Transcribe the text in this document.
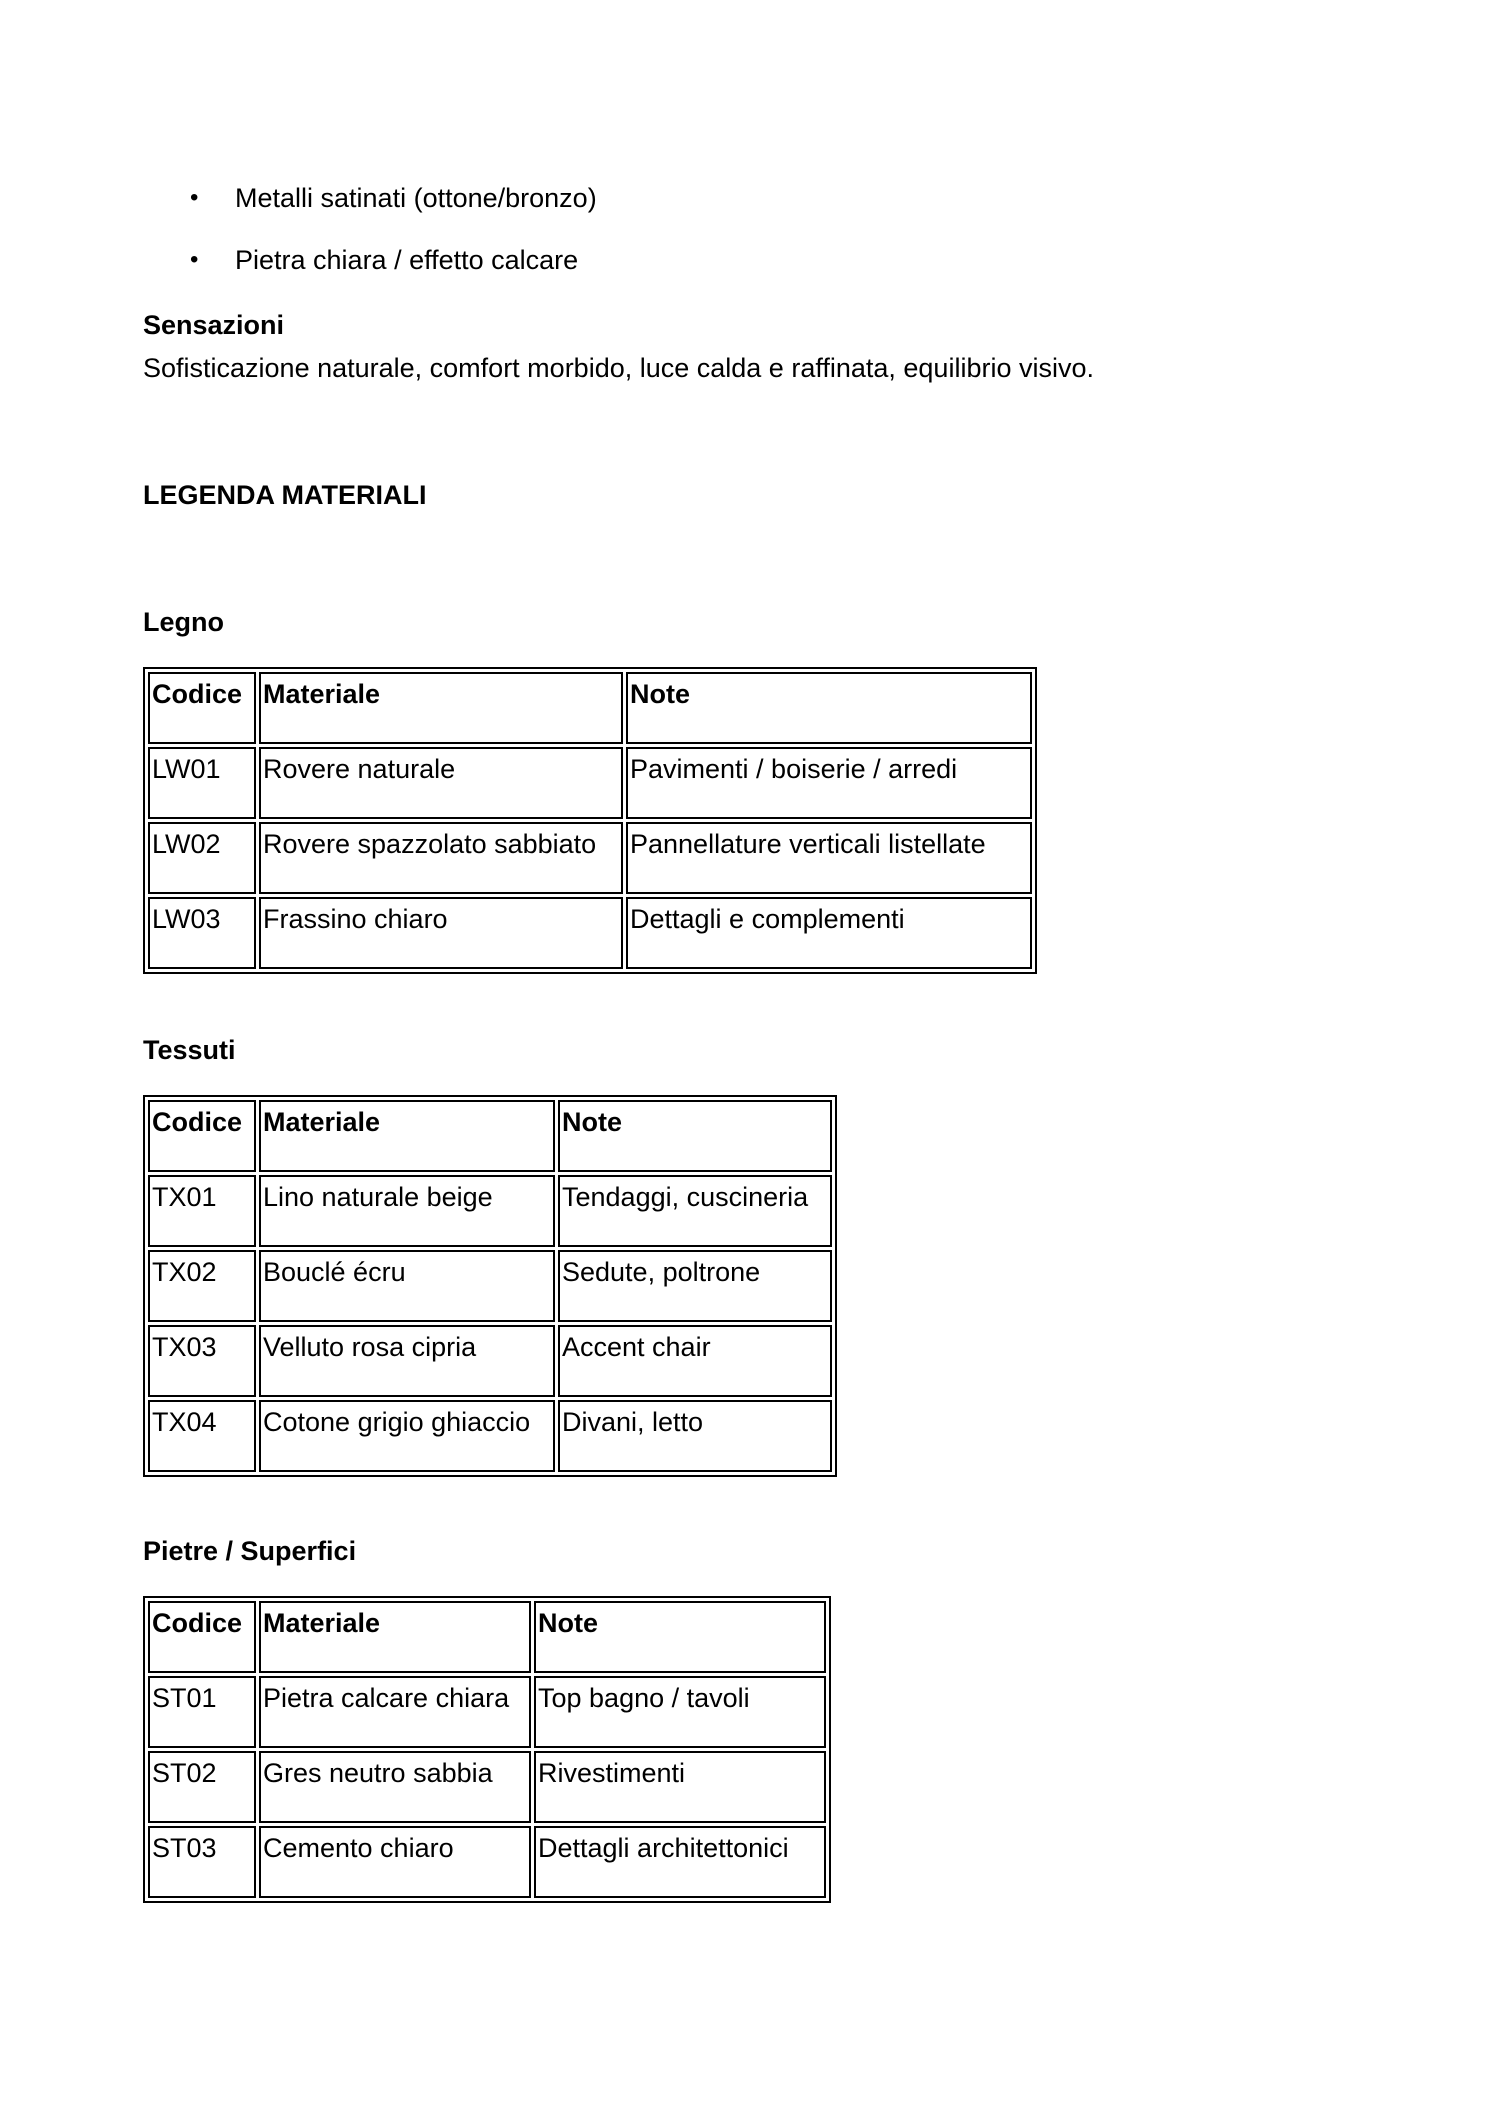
• Metalli satinati (ottone/bronzo)
• Pietra chiara / effetto calcare
Sensazioni
Sofisticazione naturale, comfort morbido, luce calda e raffinata, equilibrio visivo.
LEGENDA MATERIALI
Legno
Codice	Materiale	Note
LW01	Rovere naturale	Pavimenti / boiserie / arredi
LW02	Rovere spazzolato sabbiato	Pannellature verticali listellate
LW03	Frassino chiaro	Dettagli e complementi
Tessuti
Codice	Materiale	Note
TX01	Lino naturale beige	Tendaggi, cuscineria
TX02	Bouclé écru	Sedute, poltrone
TX03	Velluto rosa cipria	Accent chair
TX04	Cotone grigio ghiaccio	Divani, letto
Pietre / Superfici
Codice	Materiale	Note
ST01	Pietra calcare chiara	Top bagno / tavoli
ST02	Gres neutro sabbia	Rivestimenti
ST03	Cemento chiaro	Dettagli architettonici
